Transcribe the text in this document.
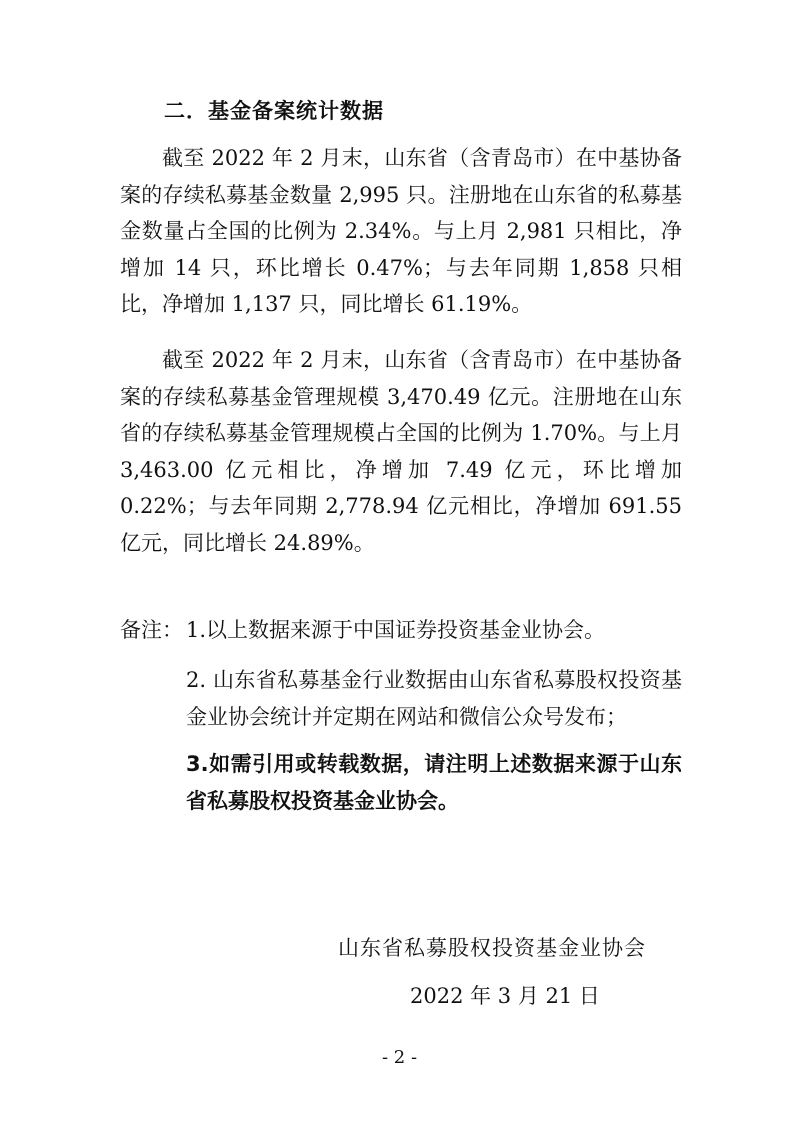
二．基金备案统计数据

截至 2022 年 2 月末，山东省（含青岛市）在中基协备案的存续私募基金数量 2,995 只。注册地在山东省的私募基金数量占全国的比例为 2.34%。与上月 2,981 只相比，净增加 14 只，环比增长 0.47%；与去年同期 1,858 只相比，净增加 1,137 只，同比增长 61.19%。

截至 2022 年 2 月末，山东省（含青岛市）在中基协备案的存续私募基金管理规模 3,470.49 亿元。注册地在山东省的存续私募基金管理规模占全国的比例为 1.70%。与上月 3,463.00 亿元相比，净增加 7.49 亿元，环比增加 0.22%；与去年同期 2,778.94 亿元相比，净增加 691.55 亿元，同比增长 24.89%。

备注： 1.以上数据来源于中国证券投资基金业协会。

2. 山东省私募基金行业数据由山东省私募股权投资基金业协会统计并定期在网站和微信公众号发布；

3.如需引用或转载数据，请注明上述数据来源于山东省私募股权投资基金业协会。

山东省私募股权投资基金业协会
2022 年 3 月 21 日
- 2 -
